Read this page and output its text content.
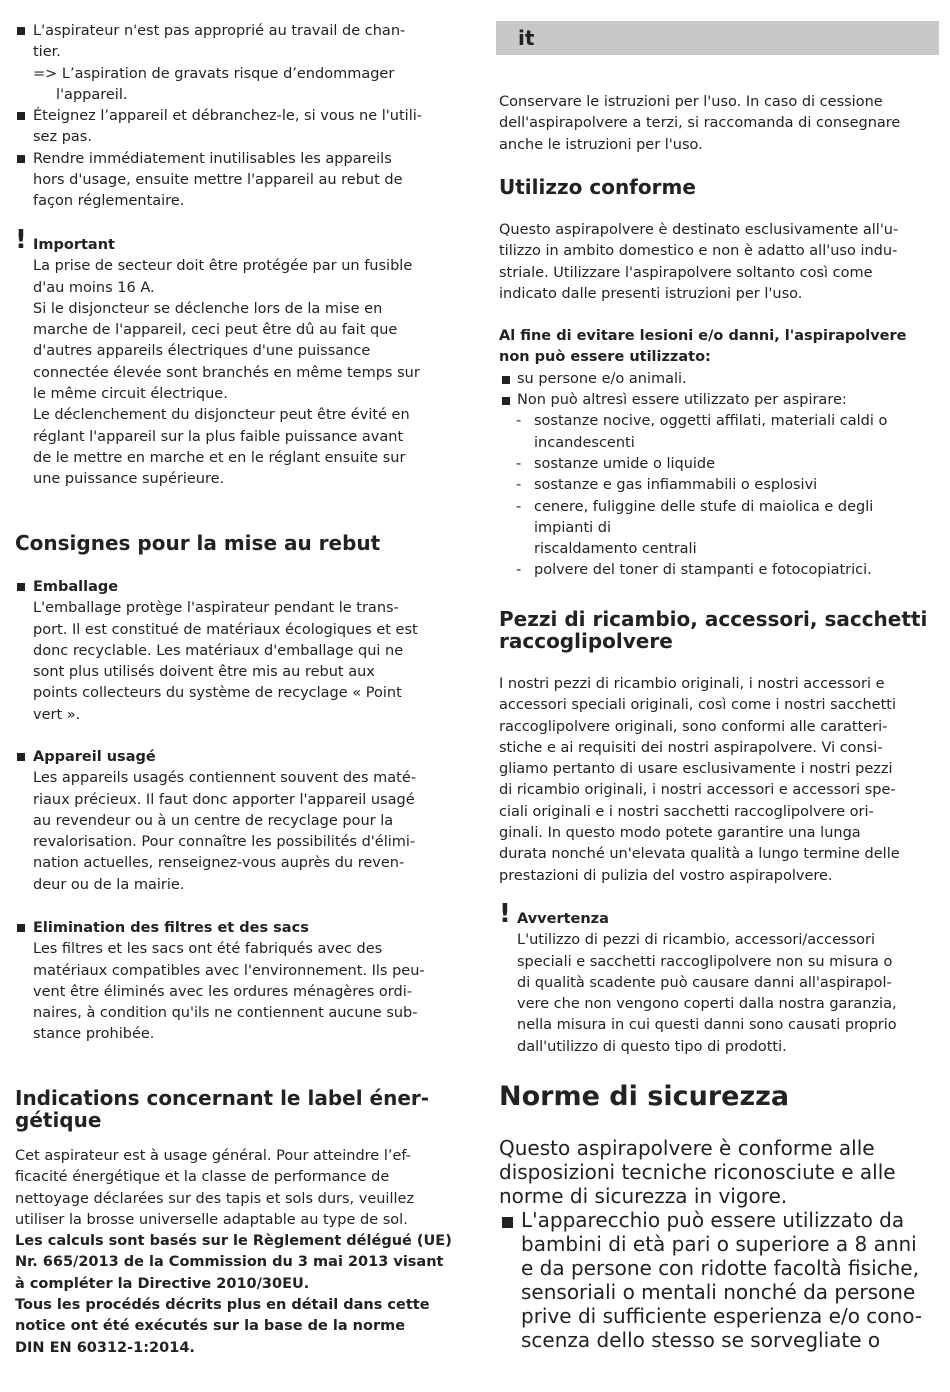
L'aspirateur n'est pas approprié au travail de chan-
tier.
=> L’aspiration de gravats risque d’endommager
l'appareil.
Éteignez l’appareil et débranchez-le, si vous ne l'utili-
sez pas.
Rendre immédiatement inutilisables les appareils
hors d'usage, ensuite mettre l'appareil au rebut de
façon réglementaire.
! Important
La prise de secteur doit être protégée par un fusible
d'au moins 16 A.
Si le disjoncteur se déclenche lors de la mise en
marche de l'appareil, ceci peut être dû au fait que
d'autres appareils électriques d'une puissance
connectée élevée sont branchés en même temps sur
le même circuit électrique.
Le déclenchement du disjoncteur peut être évité en
réglant l'appareil sur la plus faible puissance avant
de le mettre en marche et en le réglant ensuite sur
une puissance supérieure.
Consignes pour la mise au rebut
Emballage
L'emballage protège l'aspirateur pendant le trans-
port. Il est constitué de matériaux écologiques et est
donc recyclable. Les matériaux d'emballage qui ne
sont plus utilisés doivent être mis au rebut aux
points collecteurs du système de recyclage « Point
vert ».
Appareil usagé
Les appareils usagés contiennent souvent des maté-
riaux précieux. Il faut donc apporter l'appareil usagé
au revendeur ou à un centre de recyclage pour la
revalorisation. Pour connaître les possibilités d'élimi-
nation actuelles, renseignez-vous auprès du reven-
deur ou de la mairie.
Elimination des filtres et des sacs
Les filtres et les sacs ont été fabriqués avec des
matériaux compatibles avec l'environnement. Ils peu-
vent être éliminés avec les ordures ménagères ordi-
naires, à condition qu'ils ne contiennent aucune sub-
stance prohibée.
Indications concernant le label éner-
gétique
Cet aspirateur est à usage général. Pour atteindre l’ef-
ficacité énergétique et la classe de performance de
nettoyage déclarées sur des tapis et sols durs, veuillez
utiliser la brosse universelle adaptable au type de sol.
Les calculs sont basés sur le Règlement délégué (UE)
Nr. 665/2013 de la Commission du 3 mai 2013 visant
à compléter la Directive 2010/30EU.
Tous les procédés décrits plus en détail dans cette
notice ont été exécutés sur la base de la norme
DIN EN 60312-1:2014.
it
Conservare le istruzioni per l'uso. In caso di cessione
dell'aspirapolvere a terzi, si raccomanda di consegnare
anche le istruzioni per l'uso.
Utilizzo conforme
Questo aspirapolvere è destinato esclusivamente all'u-
tilizzo in ambito domestico e non è adatto all'uso indu-
striale. Utilizzare l'aspirapolvere soltanto così come
indicato dalle presenti istruzioni per l'uso.
Al fine di evitare lesioni e/o danni, l'aspirapolvere
non può essere utilizzato:
su persone e/o animali.
Non può altresì essere utilizzato per aspirare:
- sostanze nocive, oggetti affilati, materiali caldi o
incandescenti
- sostanze umide o liquide
- sostanze e gas infiammabili o esplosivi
- cenere, fuliggine delle stufe di maiolica e degli
impianti di
riscaldamento centrali
- polvere del toner di stampanti e fotocopiatrici.
Pezzi di ricambio, accessori, sacchetti
raccoglipolvere
I nostri pezzi di ricambio originali, i nostri accessori e
accessori speciali originali, così come i nostri sacchetti
raccoglipolvere originali, sono conformi alle caratteri-
stiche e ai requisiti dei nostri aspirapolvere. Vi consi-
gliamo pertanto di usare esclusivamente i nostri pezzi
di ricambio originali, i nostri accessori e accessori spe-
ciali originali e i nostri sacchetti raccoglipolvere ori-
ginali. In questo modo potete garantire una lunga
durata nonché un'elevata qualità a lungo termine delle
prestazioni di pulizia del vostro aspirapolvere.
! Avvertenza
L'utilizzo di pezzi di ricambio, accessori/accessori
speciali e sacchetti raccoglipolvere non su misura o
di qualità scadente può causare danni all'aspirapol-
vere che non vengono coperti dalla nostra garanzia,
nella misura in cui questi danni sono causati proprio
dall'utilizzo di questo tipo di prodotti.
Norme di sicurezza
Questo aspirapolvere è conforme alle
disposizioni tecniche riconosciute e alle
norme di sicurezza in vigore.
L'apparecchio può essere utilizzato da
bambini di età pari o superiore a 8 anni
e da persone con ridotte facoltà fisiche,
sensoriali o mentali nonché da persone
prive di sufficiente esperienza e/o cono-
scenza dello stesso se sorvegliate o
